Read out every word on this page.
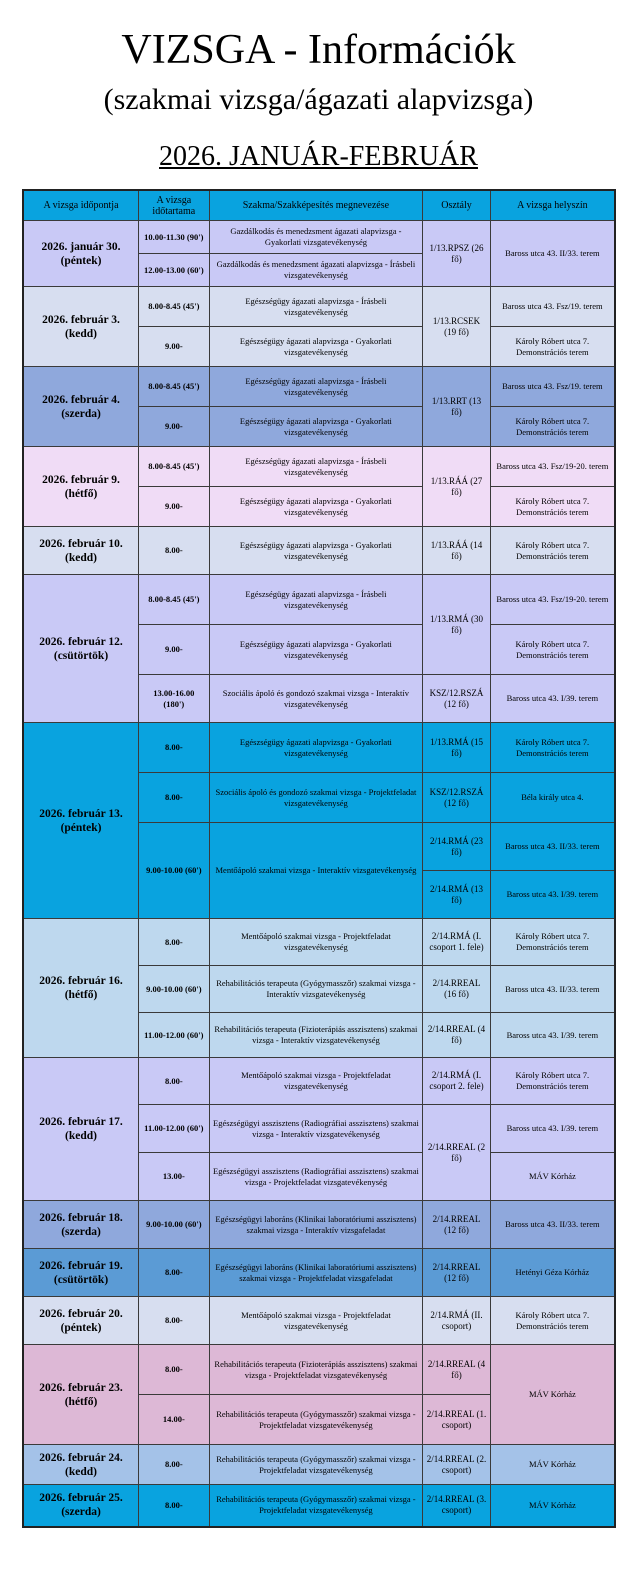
VIZSGA - Információk
(szakmai vizsga/ágazati alapvizsga)
2026. JANUÁR-FEBRUÁR
A vizsga időpontja	A vizsga időtartama	Szakma/Szakképesítés megnevezése	Osztály	A vizsga helyszín
2026. január 30. (péntek)	10.00-11.30 (90')	Gazdálkodás és menedzsment ágazati alapvizsga - Gyakorlati vizsgatevékenység	1/13.RPSZ (26 fő)	Baross utca 43. II/33. terem
	12.00-13.00 (60')	Gazdálkodás és menedzsment ágazati alapvizsga - Írásbeli vizsgatevékenység		
2026. február 3. (kedd)	8.00-8.45 (45')	Egészségügy ágazati alapvizsga - Írásbeli vizsgatevékenység	1/13.RCSEK (19 fő)	Baross utca 43. Fsz/19. terem
	9.00-	Egészségügy ágazati alapvizsga - Gyakorlati vizsgatevékenység		Károly Róbert utca 7. Demonstrációs terem
2026. február 4. (szerda)	8.00-8.45 (45')	Egészségügy ágazati alapvizsga - Írásbeli vizsgatevékenység	1/13.RRT (13 fő)	Baross utca 43. Fsz/19. terem
	9.00-	Egészségügy ágazati alapvizsga - Gyakorlati vizsgatevékenység		Károly Róbert utca 7. Demonstrációs terem
2026. február 9. (hétfő)	8.00-8.45 (45')	Egészségügy ágazati alapvizsga - Írásbeli vizsgatevékenység	1/13.RÁÁ (27 fő)	Baross utca 43. Fsz/19-20. terem
	9.00-	Egészségügy ágazati alapvizsga - Gyakorlati vizsgatevékenység		Károly Róbert utca 7. Demonstrációs terem
2026. február 10. (kedd)	8.00-	Egészségügy ágazati alapvizsga - Gyakorlati vizsgatevékenység	1/13.RÁÁ (14 fő)	Károly Róbert utca 7. Demonstrációs terem
2026. február 12. (csütörtök)	8.00-8.45 (45')	Egészségügy ágazati alapvizsga - Írásbeli vizsgatevékenység	1/13.RMÁ (30 fő)	Baross utca 43. Fsz/19-20. terem
	9.00-	Egészségügy ágazati alapvizsga - Gyakorlati vizsgatevékenység		Károly Róbert utca 7. Demonstrációs terem
	13.00-16.00 (180')	Szociális ápoló és gondozó szakmai vizsga - Interaktív vizsgatevékenység	KSZ/12.RSZÁ (12 fő)	Baross utca 43. I/39. terem
2026. február 13. (péntek)	8.00-	Egészségügy ágazati alapvizsga - Gyakorlati vizsgatevékenység	1/13.RMÁ (15 fő)	Károly Róbert utca 7. Demonstrációs terem
	8.00-	Szociális ápoló és gondozó szakmai vizsga - Projektfeladat vizsgatevékenység	KSZ/12.RSZÁ (12 fő)	Béla király utca 4.
	9.00-10.00 (60')	Mentőápoló szakmai vizsga - Interaktív vizsgatevékenység	2/14.RMÁ (23 fő)	Baross utca 43. II/33. terem
			2/14.RMÁ (13 fő)	Baross utca 43. I/39. terem
2026. február 16. (hétfő)	8.00-	Mentőápoló szakmai vizsga - Projektfeladat vizsgatevékenység	2/14.RMÁ (I. csoport 1. fele)	Károly Róbert utca 7. Demonstrációs terem
	9.00-10.00 (60')	Rehabilitációs terapeuta (Gyógymasszőr) szakmai vizsga - Interaktív vizsgatevékenység	2/14.RREAL (16 fő)	Baross utca 43. II/33. terem
	11.00-12.00 (60')	Rehabilitációs terapeuta (Fizioterápiás asszisztens) szakmai vizsga - Interaktív vizsgatevékenység	2/14.RREAL (4 fő)	Baross utca 43. I/39. terem
2026. február 17. (kedd)	8.00-	Mentőápoló szakmai vizsga - Projektfeladat vizsgatevékenység	2/14.RMÁ (I. csoport 2. fele)	Károly Róbert utca 7. Demonstrációs terem
	11.00-12.00 (60')	Egészségügyi asszisztens (Radiográfiai asszisztens) szakmai vizsga - Interaktív vizsgatevékenység	2/14.RREAL (2 fő)	Baross utca 43. I/39. terem
	13.00-	Egészségügyi asszisztens (Radiográfiai asszisztens) szakmai vizsga - Projektfeladat vizsgatevékenység		MÁV Kórház
2026. február 18. (szerda)	9.00-10.00 (60')	Egészségügyi laboráns (Klinikai laboratóriumi asszisztens) szakmai vizsga - Interaktív vizsgafeladat	2/14.RREAL (12 fő)	Baross utca 43. II/33. terem
2026. február 19. (csütörtök)	8.00-	Egészségügyi laboráns (Klinikai laboratóriumi asszisztens) szakmai vizsga - Projektfeladat vizsgafeladat	2/14.RREAL (12 fő)	Hetényi Géza Kórház
2026. február 20. (péntek)	8.00-	Mentőápoló szakmai vizsga - Projektfeladat vizsgatevékenység	2/14.RMÁ (II. csoport)	Károly Róbert utca 7. Demonstrációs terem
2026. február 23. (hétfő)	8.00-	Rehabilitációs terapeuta (Fizioterápiás asszisztens) szakmai vizsga - Projektfeladat vizsgatevékenység	2/14.RREAL (4 fő)	MÁV Kórház
	14.00-	Rehabilitációs terapeuta (Gyógymasszőr) szakmai vizsga - Projektfeladat vizsgatevékenység	2/14.RREAL (1. csoport)	
2026. február 24. (kedd)	8.00-	Rehabilitációs terapeuta (Gyógymasszőr) szakmai vizsga - Projektfeladat vizsgatevékenység	2/14.RREAL (2. csoport)	MÁV Kórház
2026. február 25. (szerda)	8.00-	Rehabilitációs terapeuta (Gyógymasszőr) szakmai vizsga - Projektfeladat vizsgatevékenység	2/14.RREAL (3. csoport)	MÁV Kórház
